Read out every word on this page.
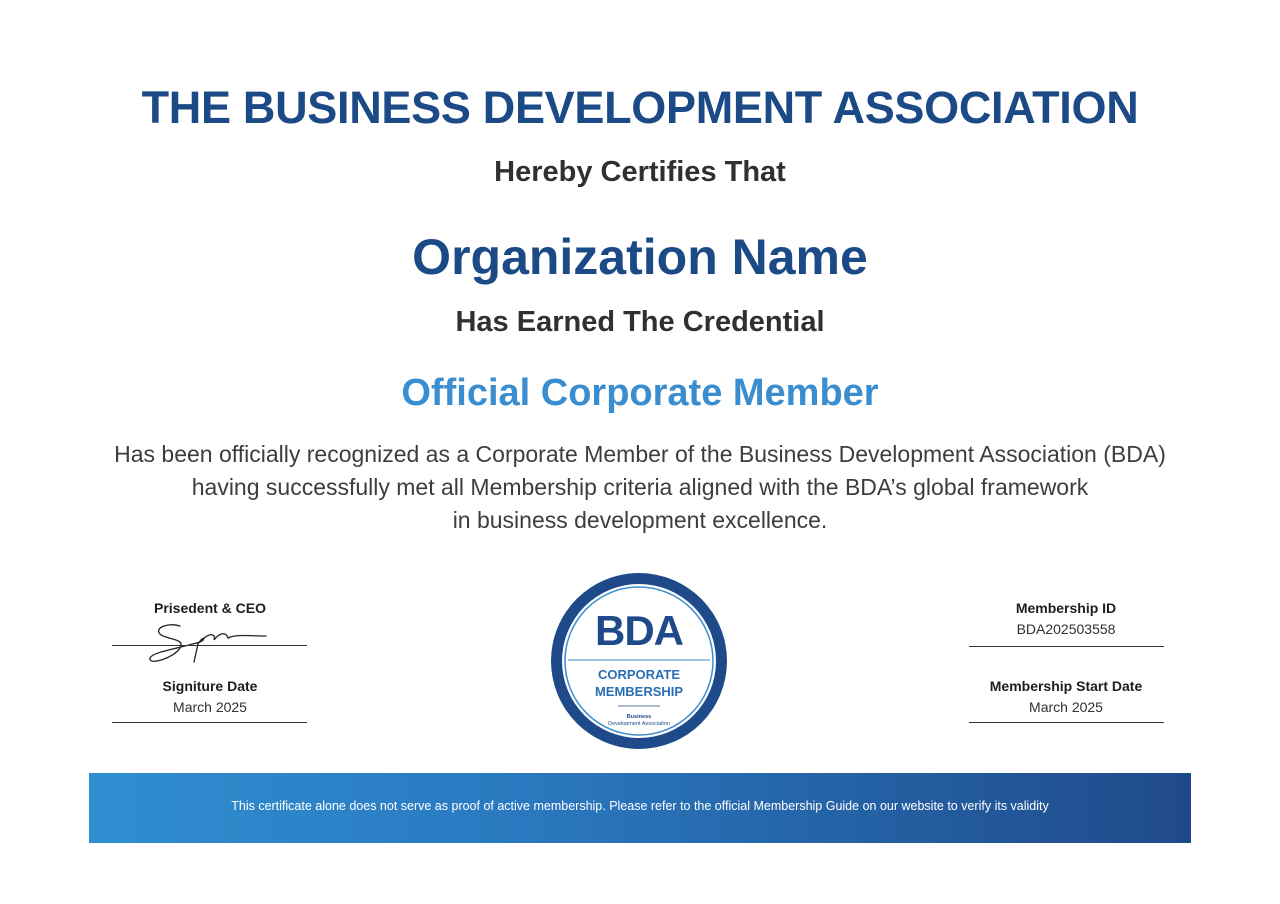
THE BUSINESS DEVELOPMENT ASSOCIATION
Hereby Certifies That
Organization Name
Has Earned The Credential
Official Corporate Member
Has been officially recognized as a Corporate Member of the Business Development Association (BDA)
having successfully met all Membership criteria aligned with the BDA’s global framework
in business development excellence.
Prisedent & CEO
Signiture Date
March 2025
Membership ID
BDA202503558
Membership Start Date
March 2025
BDA
CORPORATE
MEMBERSHIP
Business
Development Association
This certificate alone does not serve as proof of active membership. Please refer to the official Membership Guide on our website to verify its validity
